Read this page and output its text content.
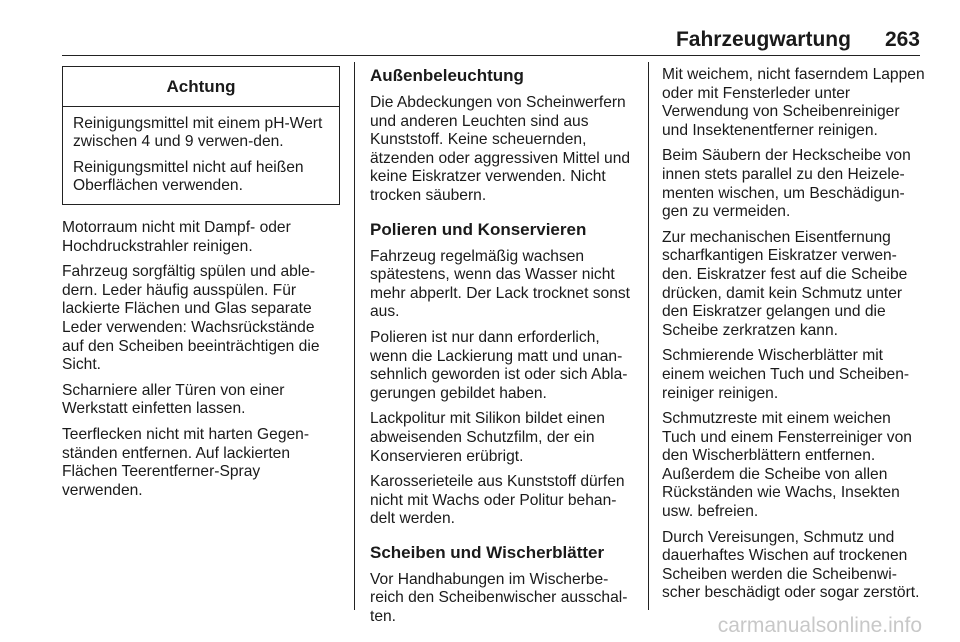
Fahrzeugwartung 263
Achtung

Reinigungsmittel mit einem pH-Wert zwischen 4 und 9 verwen-den.

Reinigungsmittel nicht auf heißen Oberflächen verwenden.

Motorraum nicht mit Dampf- oder Hochdruckstrahler reinigen.

Fahrzeug sorgfältig spülen und able-dern. Leder häufig ausspülen. Für lackierte Flächen und Glas separate Leder verwenden: Wachsrückstände auf den Scheiben beeinträchtigen die Sicht.

Scharniere aller Türen von einer Werkstatt einfetten lassen.

Teerflecken nicht mit harten Gegen-ständen entfernen. Auf lackierten Flächen Teerentferner-Spray verwenden.

Außenbeleuchtung

Die Abdeckungen von Scheinwerfern und anderen Leuchten sind aus Kunststoff. Keine scheuernden, ätzenden oder aggressiven Mittel und keine Eiskratzer verwenden. Nicht trocken säubern.

Polieren und Konservieren

Fahrzeug regelmäßig wachsen spätestens, wenn das Wasser nicht mehr abperlt. Der Lack trocknet sonst aus.

Polieren ist nur dann erforderlich, wenn die Lackierung matt und unan-sehnlich geworden ist oder sich Abla-gerungen gebildet haben.

Lackpolitur mit Silikon bildet einen abweisenden Schutzfilm, der ein Konservieren erübrigt.

Karosserieteile aus Kunststoff dürfen nicht mit Wachs oder Politur behan-delt werden.

Scheiben und Wischerblätter

Vor Handhabungen im Wischerbe-reich den Scheibenwischer ausschal-ten.

Mit weichem, nicht faserndem Lappen oder mit Fensterleder unter Verwendung von Scheibenreiniger und Insektenentferner reinigen.

Beim Säubern der Heckscheibe von innen stets parallel zu den Heizele-menten wischen, um Beschädigun-gen zu vermeiden.

Zur mechanischen Eisentfernung scharfkantigen Eiskratzer verwen-den. Eiskratzer fest auf die Scheibe drücken, damit kein Schmutz unter den Eiskratzer gelangen und die Scheibe zerkratzen kann.

Schmierende Wischerblätter mit einem weichen Tuch und Scheiben-reiniger reinigen.

Schmutzreste mit einem weichen Tuch und einem Fensterreiniger von den Wischerblättern entfernen. Außerdem die Scheibe von allen Rückständen wie Wachs, Insekten usw. befreien.

Durch Vereisungen, Schmutz und dauerhaftes Wischen auf trockenen Scheiben werden die Scheibenwi-scher beschädigt oder sogar zerstört.

carmanualsonline.info
